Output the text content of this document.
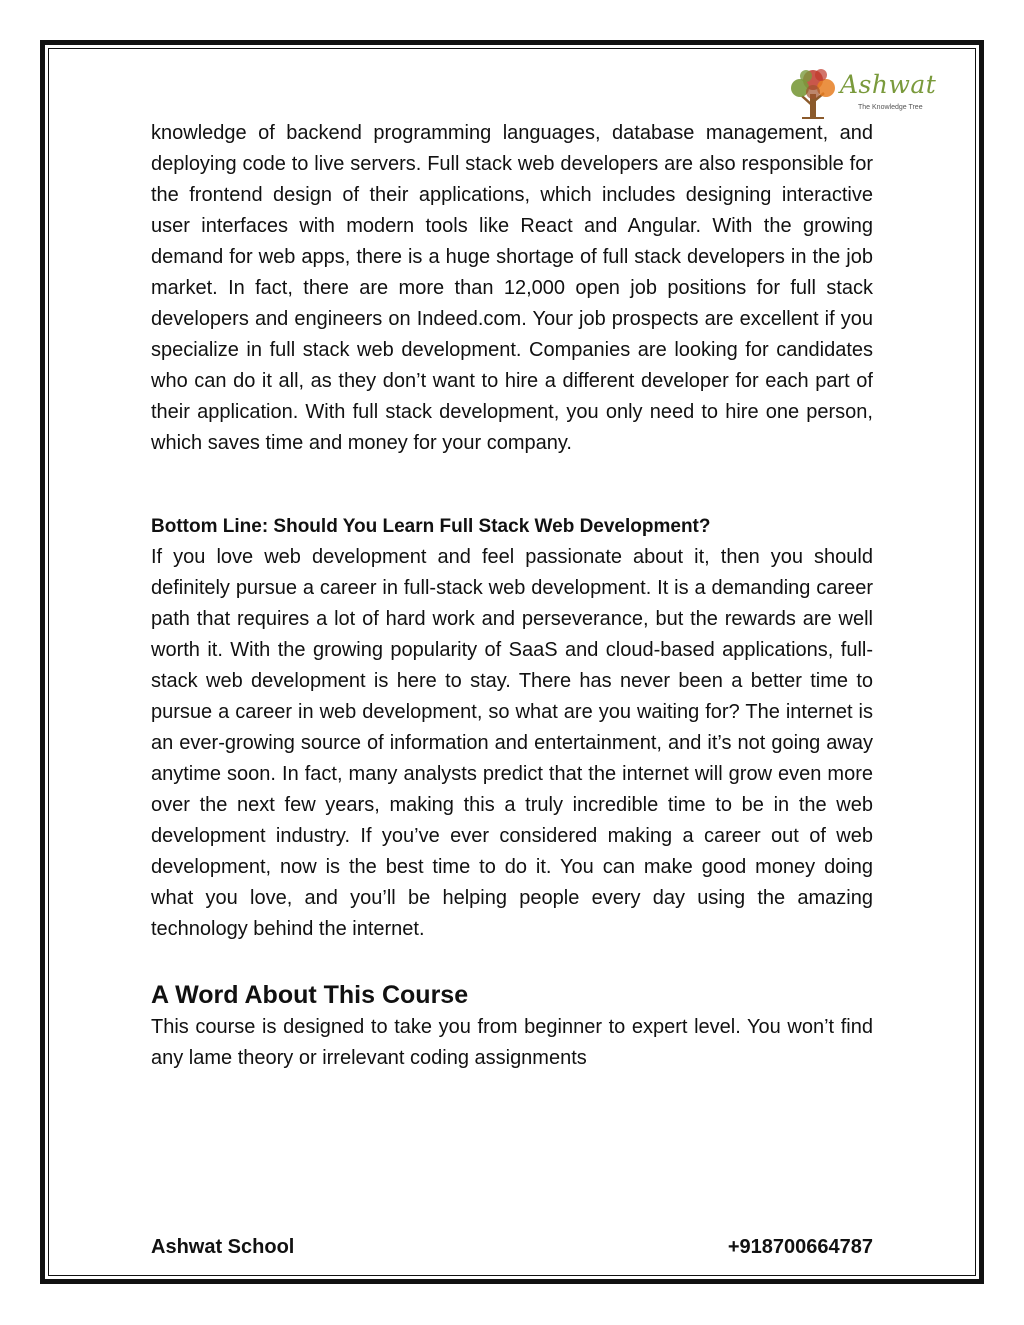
Ashwat
The Knowledge Tree

knowledge of backend programming languages, database management, and deploying code to live servers. Full stack web developers are also responsible for the frontend design of their applications, which includes designing interactive user interfaces with modern tools like React and Angular. With the growing demand for web apps, there is a huge shortage of full stack developers in the job market. In fact, there are more than 12,000 open job positions for full stack developers and engineers on Indeed.com. Your job prospects are excellent if you specialize in full stack web development. Companies are looking for candidates who can do it all, as they don’t want to hire a different developer for each part of their application. With full stack development, you only need to hire one person, which saves time and money for your company.

Bottom Line: Should You Learn Full Stack Web Development?

If you love web development and feel passionate about it, then you should definitely pursue a career in full-stack web development. It is a demanding career path that requires a lot of hard work and perseverance, but the rewards are well worth it. With the growing popularity of SaaS and cloud-based applications, full-stack web development is here to stay. There has never been a better time to pursue a career in web development, so what are you waiting for? The internet is an ever-growing source of information and entertainment, and it’s not going away anytime soon. In fact, many analysts predict that the internet will grow even more over the next few years, making this a truly incredible time to be in the web development industry. If you’ve ever considered making a career out of web development, now is the best time to do it. You can make good money doing what you love, and you’ll be helping people every day using the amazing technology behind the internet.

A Word About This Course

This course is designed to take you from beginner to expert level. You won’t find any lame theory or irrelevant coding assignments

Ashwat School	+918700664787
